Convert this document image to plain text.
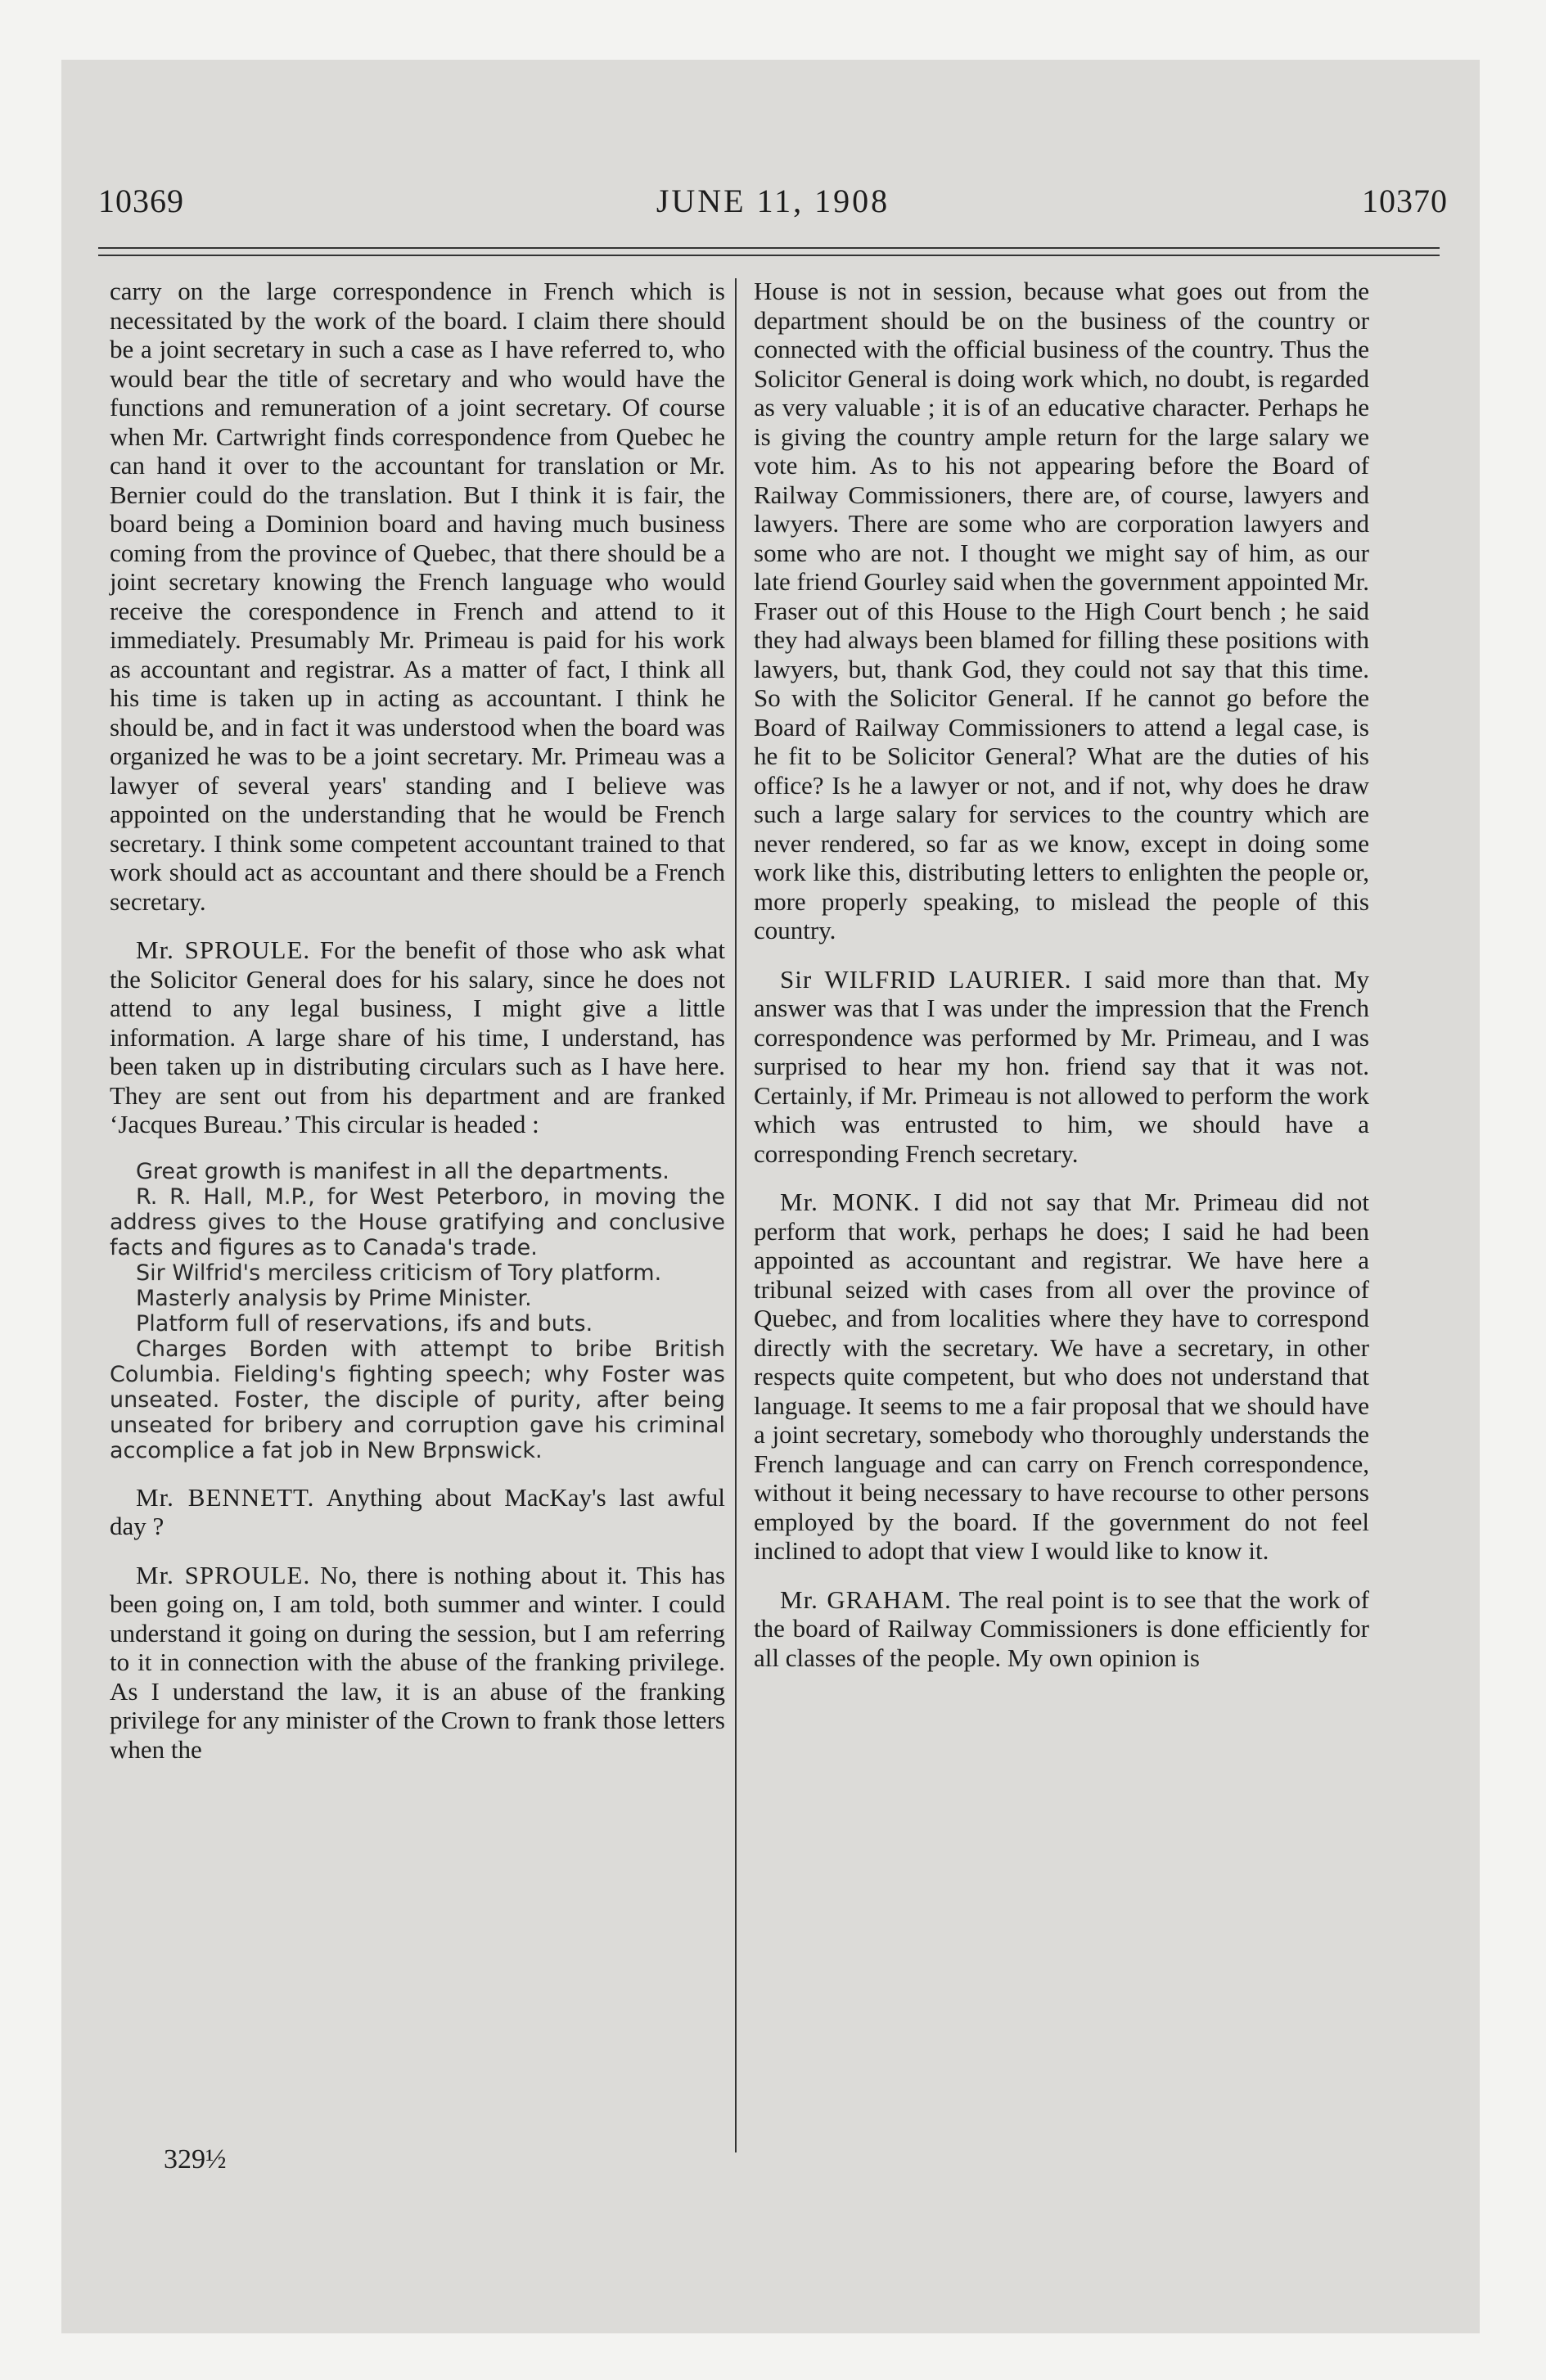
10369	JUNE 11, 1908	10370

carry on the large correspondence in French which is necessitated by the work of the board. I claim there should be a joint secretary in such a case as I have referred to, who would bear the title of secretary and who would have the functions and remuneration of a joint secretary. Of course when Mr. Cartwright finds correspondence from Quebec he can hand it over to the accountant for translation or Mr. Bernier could do the translation. But I think it is fair, the board being a Dominion board and having much business coming from the province of Quebec, that there should be a joint secretary knowing the French language who would receive the corespondence in French and attend to it immediately. Presumably Mr. Primeau is paid for his work as accountant and registrar. As a matter of fact, I think all his time is taken up in acting as accountant. I think he should be, and in fact it was understood when the board was organized he was to be a joint secretary. Mr. Primeau was a lawyer of several years' standing and I believe was appointed on the understanding that he would be French secretary. I think some competent accountant trained to that work should act as accountant and there should be a French secretary.

Mr. SPROULE. For the benefit of those who ask what the Solicitor General does for his salary, since he does not attend to any legal business, I might give a little information. A large share of his time, I understand, has been taken up in distributing circulars such as I have here. They are sent out from his department and are franked ‘Jacques Bureau.’ This circular is headed :

Great growth is manifest in all the departments.
R. R. Hall, M.P., for West Peterboro, in moving the address gives to the House gratifying and conclusive facts and figures as to Canada's trade.
Sir Wilfrid's merciless criticism of Tory platform.
Masterly analysis by Prime Minister.
Platform full of reservations, ifs and buts.
Charges Borden with attempt to bribe British Columbia. Fielding's fighting speech; why Foster was unseated. Foster, the disciple of purity, after being unseated for bribery and corruption gave his criminal accomplice a fat job in New Brpnswick.

Mr. BENNETT. Anything about MacKay's last awful day ?

Mr. SPROULE. No, there is nothing about it. This has been going on, I am told, both summer and winter. I could understand it going on during the session, but I am referring to it in connection with the abuse of the franking privilege. As I understand the law, it is an abuse of the franking privilege for any minister of the Crown to frank those letters when the

House is not in session, because what goes out from the department should be on the business of the country or connected with the official business of the country. Thus the Solicitor General is doing work which, no doubt, is regarded as very valuable ; it is of an educative character. Perhaps he is giving the country ample return for the large salary we vote him. As to his not appearing before the Board of Railway Commissioners, there are, of course, lawyers and lawyers. There are some who are corporation lawyers and some who are not. I thought we might say of him, as our late friend Gourley said when the government appointed Mr. Fraser out of this House to the High Court bench ; he said they had always been blamed for filling these positions with lawyers, but, thank God, they could not say that this time. So with the Solicitor General. If he cannot go before the Board of Railway Commissioners to attend a legal case, is he fit to be Solicitor General? What are the duties of his office? Is he a lawyer or not, and if not, why does he draw such a large salary for services to the country which are never rendered, so far as we know, except in doing some work like this, distributing letters to enlighten the people or, more properly speaking, to mislead the people of this country.

Sir WILFRID LAURIER. I said more than that. My answer was that I was under the impression that the French correspondence was performed by Mr. Primeau, and I was surprised to hear my hon. friend say that it was not. Certainly, if Mr. Primeau is not allowed to perform the work which was entrusted to him, we should have a corresponding French secretary.

Mr. MONK. I did not say that Mr. Primeau did not perform that work, perhaps he does; I said he had been appointed as accountant and registrar. We have here a tribunal seized with cases from all over the province of Quebec, and from localities where they have to correspond directly with the secretary. We have a secretary, in other respects quite competent, but who does not understand that language. It seems to me a fair proposal that we should have a joint secretary, somebody who thoroughly understands the French language and can carry on French correspondence, without it being necessary to have recourse to other persons employed by the board. If the government do not feel inclined to adopt that view I would like to know it.

Mr. GRAHAM. The real point is to see that the work of the board of Railway Commissioners is done efficiently for all classes of the people. My own opinion is

329½
